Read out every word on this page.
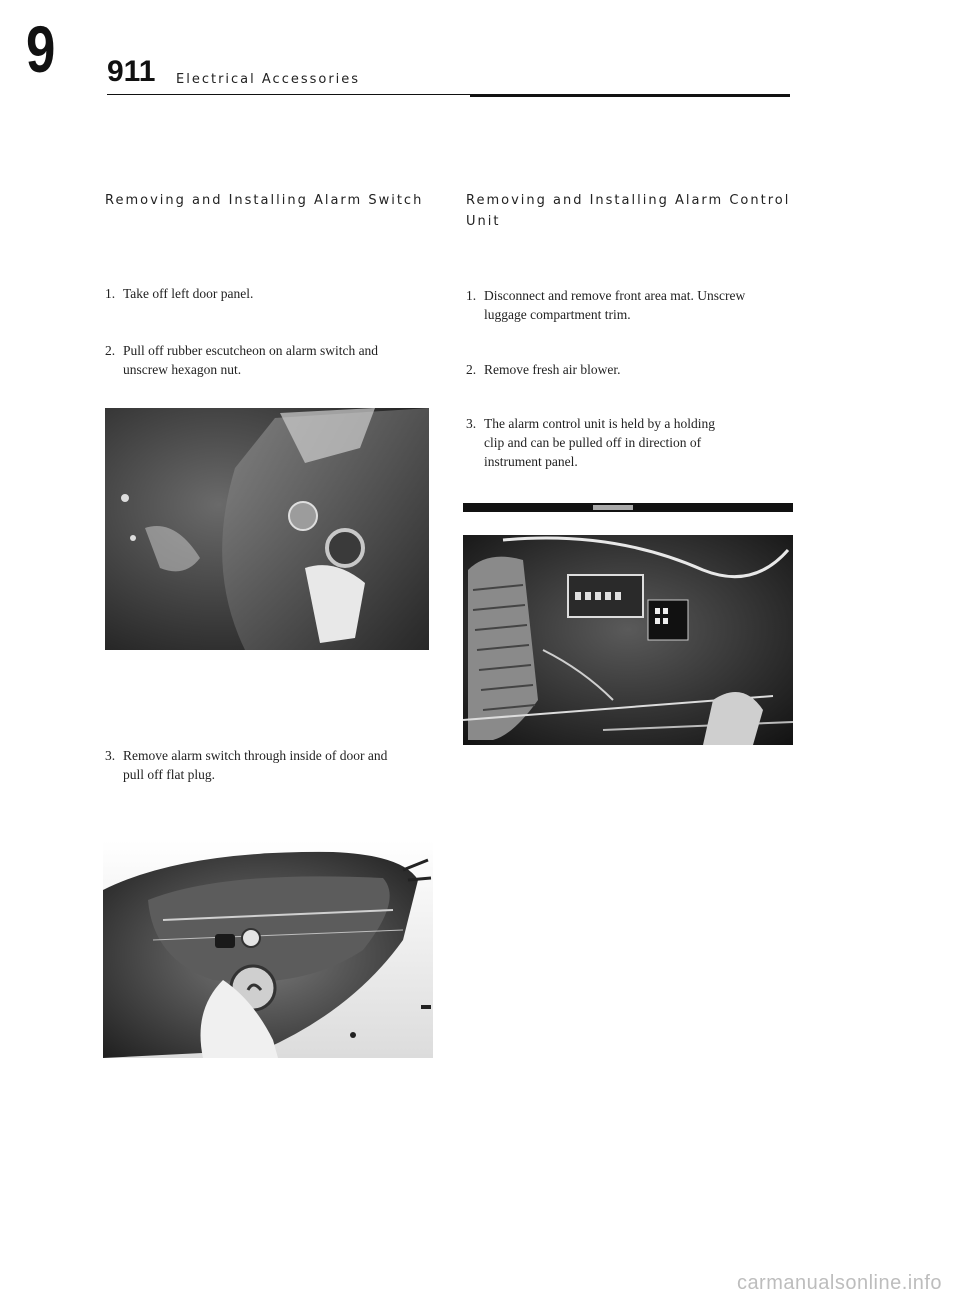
9 911 Electrical Accessories
Removing and Installing Alarm Switch
1. Take off left door panel.
2. Pull off rubber escutcheon on alarm switch and
unscrew hexagon nut.
3. Remove alarm switch through inside of door and
pull off flat plug.
Removing and Installing Alarm Control
Unit
1. Disconnect and remove front area mat. Unscrew
luggage compartment trim.
2. Remove fresh air blower.
3. The alarm control unit is held by a holding
clip and can be pulled off in direction of
instrument panel.
carmanualsonline.info
